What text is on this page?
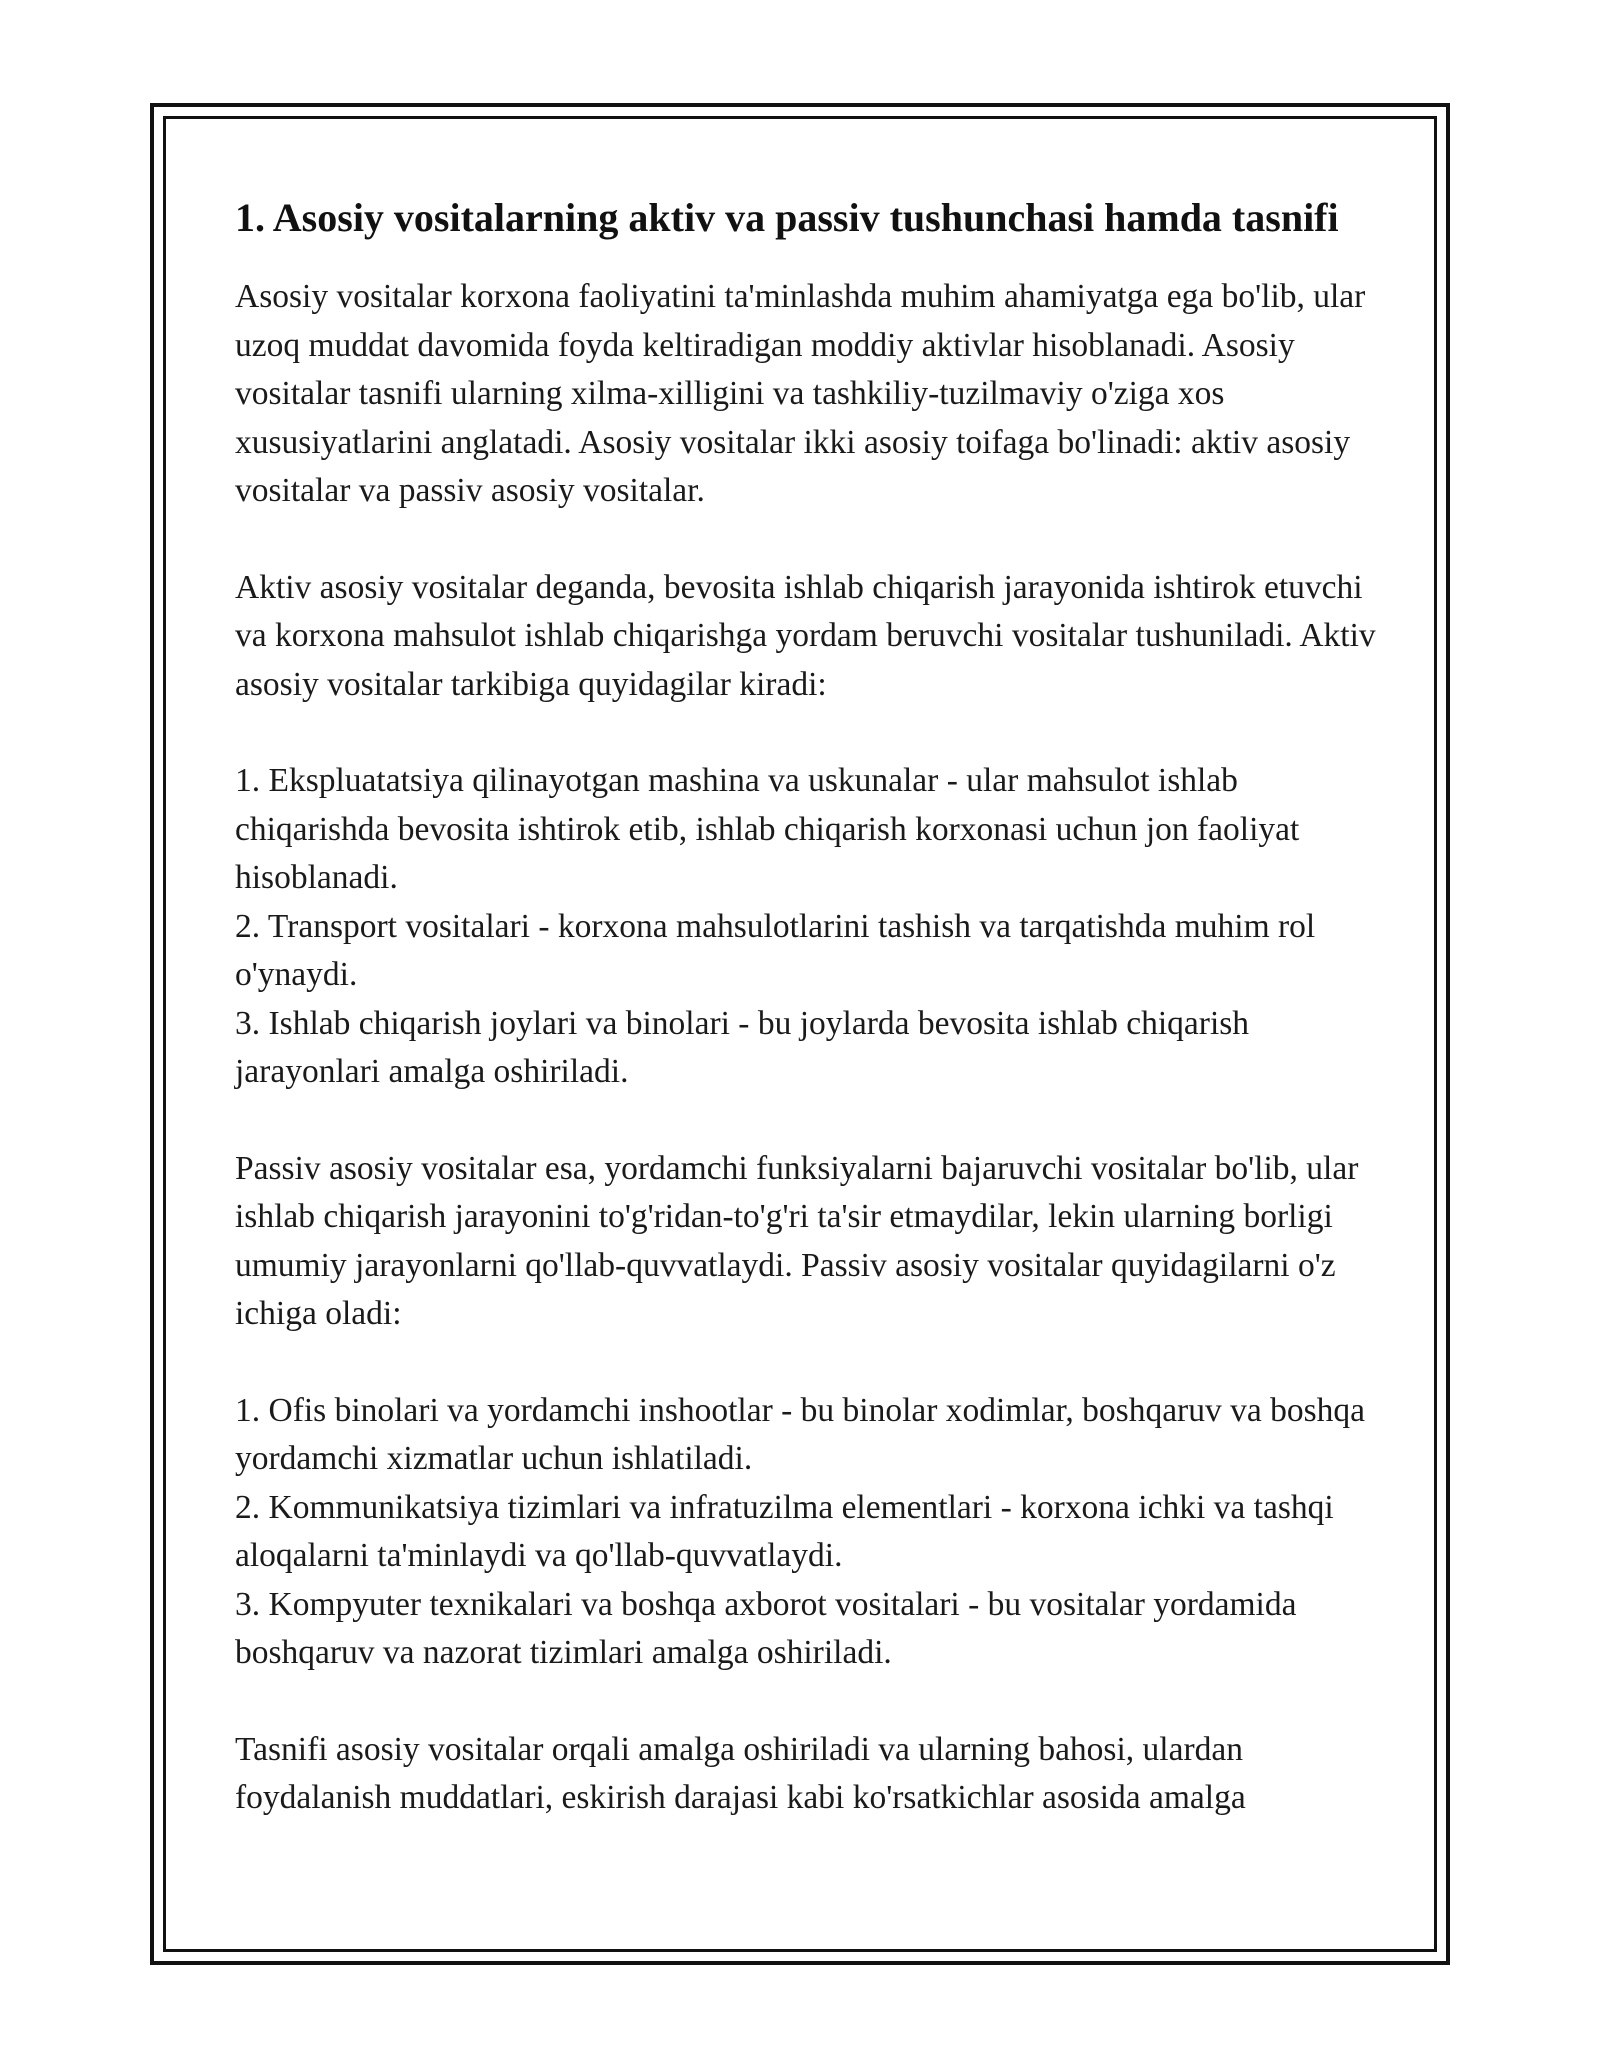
1. Asosiy vositalarning aktiv va passiv tushunchasi hamda tasnifi

Asosiy vositalar korxona faoliyatini ta'minlashda muhim ahamiyatga ega bo'lib, ular uzoq muddat davomida foyda keltiradigan moddiy aktivlar hisoblanadi. Asosiy vositalar tasnifi ularning xilma-xilligini va tashkiliy-tuzilmaviy o'ziga xos xususiyatlarini anglatadi. Asosiy vositalar ikki asosiy toifaga bo'linadi: aktiv asosiy vositalar va passiv asosiy vositalar.

Aktiv asosiy vositalar deganda, bevosita ishlab chiqarish jarayonida ishtirok etuvchi va korxona mahsulot ishlab chiqarishga yordam beruvchi vositalar tushuniladi. Aktiv asosiy vositalar tarkibiga quyidagilar kiradi:

1. Ekspluatatsiya qilinayotgan mashina va uskunalar - ular mahsulot ishlab chiqarishda bevosita ishtirok etib, ishlab chiqarish korxonasi uchun jon faoliyat hisoblanadi.
2. Transport vositalari - korxona mahsulotlarini tashish va tarqatishda muhim rol o'ynaydi.
3. Ishlab chiqarish joylari va binolari - bu joylarda bevosita ishlab chiqarish jarayonlari amalga oshiriladi.

Passiv asosiy vositalar esa, yordamchi funksiyalarni bajaruvchi vositalar bo'lib, ular ishlab chiqarish jarayonini to'g'ridan-to'g'ri ta'sir etmaydilar, lekin ularning borligi umumiy jarayonlarni qo'llab-quvvatlaydi. Passiv asosiy vositalar quyidagilarni o'z ichiga oladi:

1. Ofis binolari va yordamchi inshootlar - bu binolar xodimlar, boshqaruv va boshqa yordamchi xizmatlar uchun ishlatiladi.
2. Kommunikatsiya tizimlari va infratuzilma elementlari - korxona ichki va tashqi aloqalarni ta'minlaydi va qo'llab-quvvatlaydi.
3. Kompyuter texnikalari va boshqa axborot vositalari - bu vositalar yordamida boshqaruv va nazorat tizimlari amalga oshiriladi.

Tasnifi asosiy vositalar orqali amalga oshiriladi va ularning bahosi, ulardan foydalanish muddatlari, eskirish darajasi kabi ko'rsatkichlar asosida amalga
